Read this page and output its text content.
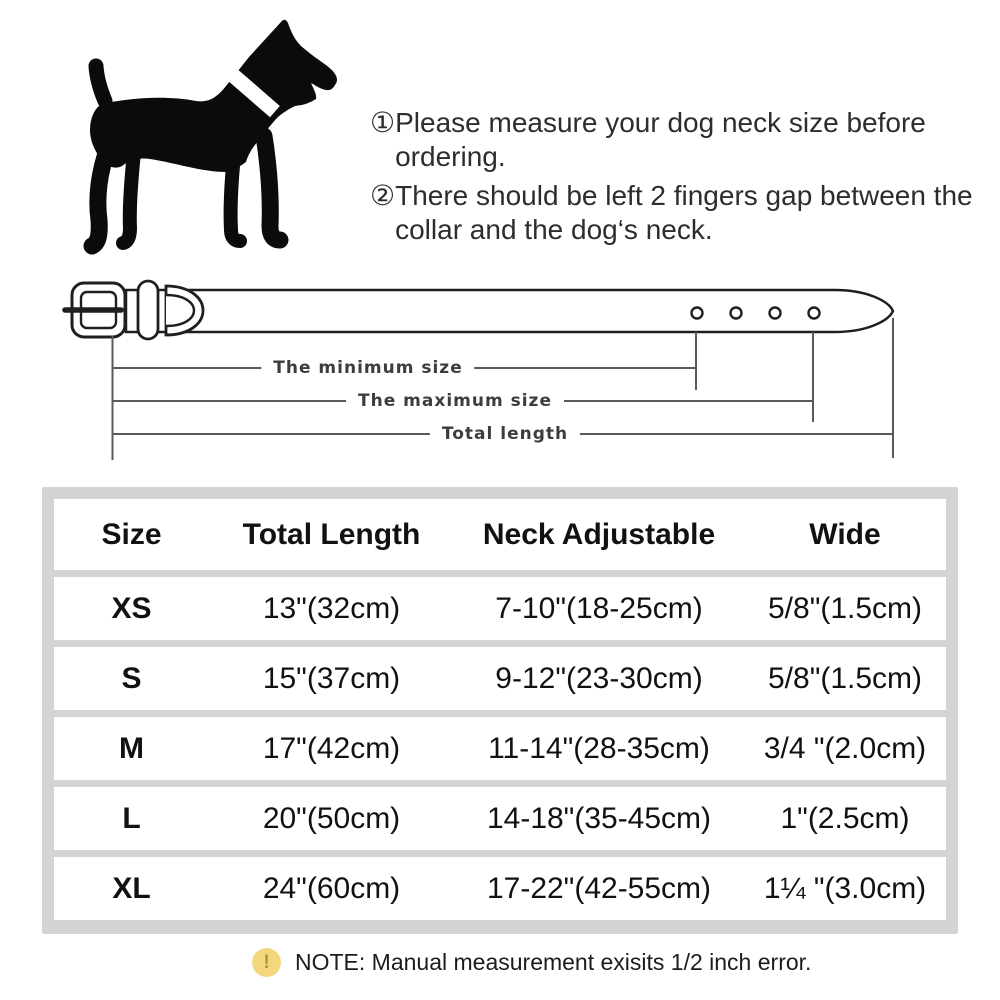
① Please measure your dog neck size before ordering.
② There should be left 2 fingers gap between the
collar and the dog‘s neck.
The minimum size
The maximum size
Total length
Size	Total Length	Neck Adjustable	Wide
XS	13"(32cm)	7-10"(18-25cm)	5/8"(1.5cm)
S	15"(37cm)	9-12"(23-30cm)	5/8"(1.5cm)
M	17"(42cm)	11-14"(28-35cm)	3/4 "(2.0cm)
L	20"(50cm)	14-18"(35-45cm)	1"(2.5cm)
XL	24"(60cm)	17-22"(42-55cm)	1¼ "(3.0cm)
!	NOTE: Manual measurement exisits 1/2 inch error.
